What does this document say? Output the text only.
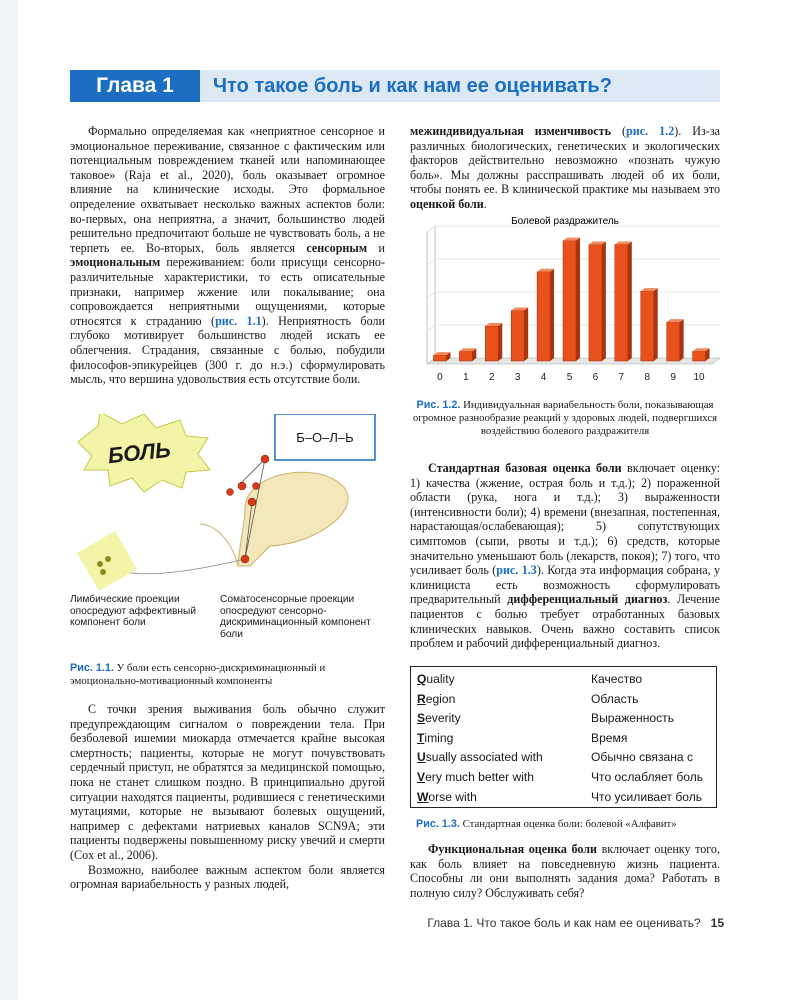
Глава 1	Что такое боль и как нам ее оценивать?

Формально определяемая как «неприятное сенсорное и эмоциональное переживание, связанное с фактическим или потенциальным повреждением тканей или напоминающее таковое» (Raja et al., 2020), боль оказывает огромное влияние на клинические исходы. Это формальное определение охватывает несколько важных аспектов боли: во-первых, она неприятна, а значит, большинство людей решительно предпочитают больше не чувствовать боль, а не терпеть ее. Во-вторых, боль является сенсорным и эмоциональным переживанием: боли присущи сенсорно-различительные характеристики, то есть описательные признаки, например жжение или покалывание; она сопровождается неприятными ощущениями, которые относятся к страданию (рис. 1.1). Неприятность боли глубоко мотивирует большинство людей искать ее облегчения. Страдания, связанные с болью, побудили философов-эпикурейцев (300 г. до н.э.) сформулировать мысль, что вершина удовольствия есть отсутствие боли.

БОЛЬ	Б–О–Л–Ь
Лимбические проекции опосредуют аффективный компонент боли
Соматосенсорные проекции опосредуют сенсорно-дискриминационный компонент боли
Рис. 1.1. У боли есть сенсорно-дискриминационный и эмоционально-мотивационный компоненты

С точки зрения выживания боль обычно служит предупреждающим сигналом о повреждении тела. При безболевой ишемии миокарда отмечается крайне высокая смертность; пациенты, которые не могут почувствовать сердечный приступ, не обратятся за медицинской помощью, пока не станет слишком поздно. В принципиально другой ситуации находятся пациенты, родившиеся с генетическими мутациями, которые не вызывают болевых ощущений, например с дефектами натриевых каналов SCN9A; эти пациенты подвержены повышенному риску увечий и смерти (Cox et al., 2006).

Возможно, наиболее важным аспектом боли является огромная вариабельность у разных людей,

межиндивидуальная изменчивость (рис. 1.2). Из-за различных биологических, генетических и экологических факторов действительно невозможно «познать чужую боль». Мы должны расспрашивать людей об их боли, чтобы понять ее. В клинической практике мы называем это оценкой боли.

Болевой раздражитель
0 1 2 3 4 5 6 7 8 9 10
Рис. 1.2. Индивидуальная вариабельность боли, показывающая огромное разнообразие реакций у здоровых людей, подвергшихся воздействию болевого раздражителя

Стандартная базовая оценка боли включает оценку: 1) качества (жжение, острая боль и т.д.); 2) пораженной области (рука, нога и т.д.); 3) выраженности (интенсивности боли); 4) времени (внезапная, постепенная, нарастающая/ослабевающая); 5) сопутствующих симптомов (сыпи, рвоты и т.д.); 6) средств, которые значительно уменьшают боль (лекарств, покоя); 7) того, что усиливает боль (рис. 1.3). Когда эта информация собрана, у клинициста есть возможность сформулировать предварительный дифференциальный диагноз. Лечение пациентов с болью требует отработанных базовых клинических навыков. Очень важно составить список проблем и рабочий дифференциальный диагноз.

Quality	Качество
Region	Область
Severity	Выраженность
Timing	Время
Usually associated with	Обычно связана с
Very much better with	Что ослабляет боль
Worse with	Что усиливает боль
Рис. 1.3. Стандартная оценка боли: болевой «Алфавит»

Функциональная оценка боли включает оценку того, как боль влияет на повседневную жизнь пациента. Способны ли они выполнять задания дома? Работать в полную силу? Обслуживать себя?

Глава 1. Что такое боль и как нам ее оценивать? 15
